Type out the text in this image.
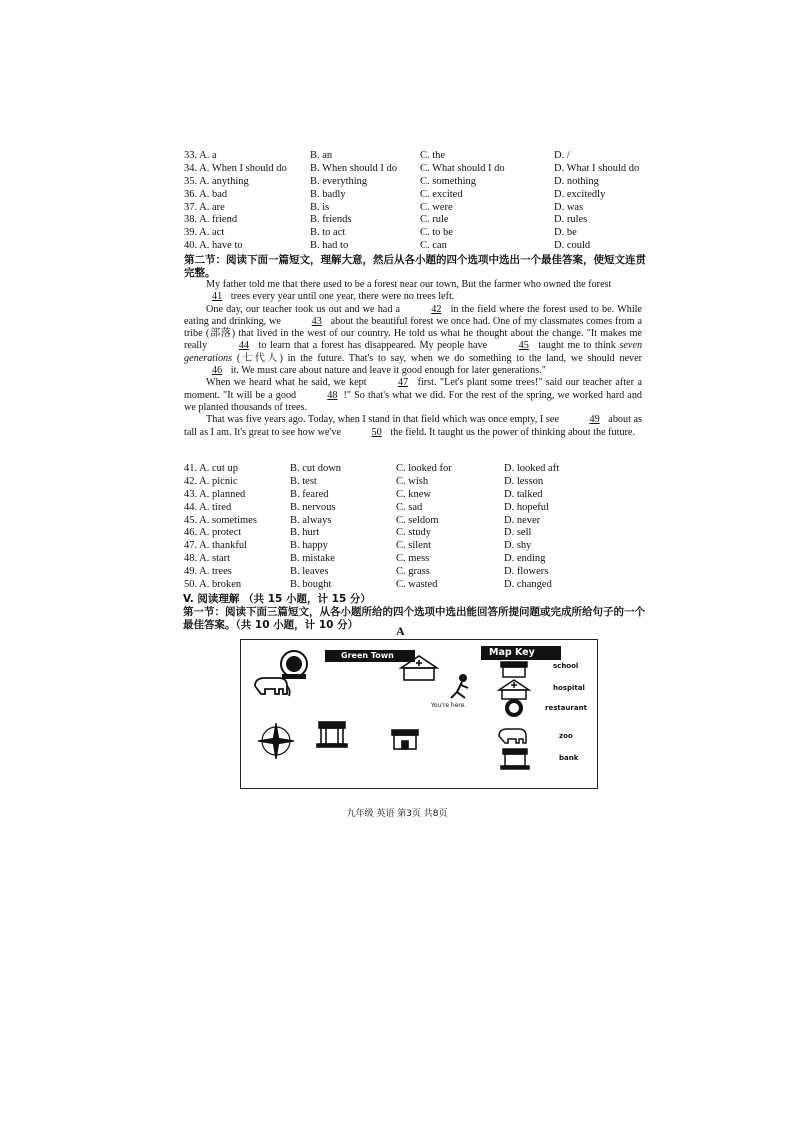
33. A. a	B. an	C. the	D. /
34. A. When I should do B. When should I do C. What should I do	D. What I should do
35. A. anything	B. everything	C. something	D. nothing
36. A. bad	B. badly	C. excited	D. excitedly
37. A. are	B. is	C. were	D. was
38. A. friend	B. friends	C. rule	D. rules
39. A. act	B. to act	C. to be	D. be
40. A. have to	B. had to	C. can	D. could
第二节：阅读下面一篇短文，理解大意，然后从各小题的四个选项中选出一个最佳答案，使短文连贯完整。

My father told me that there used to be a forest near our town, But the farmer who owned the forest
41 trees every year until one year, there were no trees left.

One day, our teacher took us out and we had a	42 in the field where the forest used to be. While eating and drinking, we	43 about the beautiful forest we once had. One of my classmates comes from a tribe (部落) that lived in the west of our country. He told us what he thought about the change. "It makes me really	44 to learn that a forest has disappeared. My people have	45 taught me to think seven generations (七代人) in the future. That's to say, when we do something to the land, we should never 46 it. We must care about nature and leave it good enough for later generations."

When we heard what he said, we kept	47 first. "Let's plant some trees!" said our teacher after a moment. "It will be a good	48 !" So that's what we did. For the rest of the spring, we worked hard and we planted thousands of trees.

That was five years ago. Today, when I stand in that field which was once empty, I see	49 about as tall as I am. It's great to see how we've	50 the field. It taught us the power of thinking about the future.

41. A. cut up	B. cut down	C. looked for	D. looked aft
42. A. picnic	B. test	C. wish	D. lesson
43. A. planned	B. feared	C. knew	D. talked
44. A. tired	B. nervous	C. sad	D. hopeful
45. A. sometimes	B. always	C. seldom	D. never
46. A. protect	B. hurt	C. study	D. sell
47. A. thankful	B. happy	C. silent	D. shy
48. A. start	B. mistake	C. mess	D. ending
49. A. trees	B. leaves	C. grass	D. flowers
50. A. broken	B. bought	C. wasted	D. changed
V. 阅读理解 （共 15 小题，计 15 分）
第一节：阅读下面三篇短文，从各小题所给的四个选项中选出能回答所提问题或完成所给句子的一个最佳答案。（共 10 小题，计 10 分）	A
Green Town
You're here.
Map Key
school
hospital
restaurant
zoo
bank
九年级 英语 第3页 共8页
